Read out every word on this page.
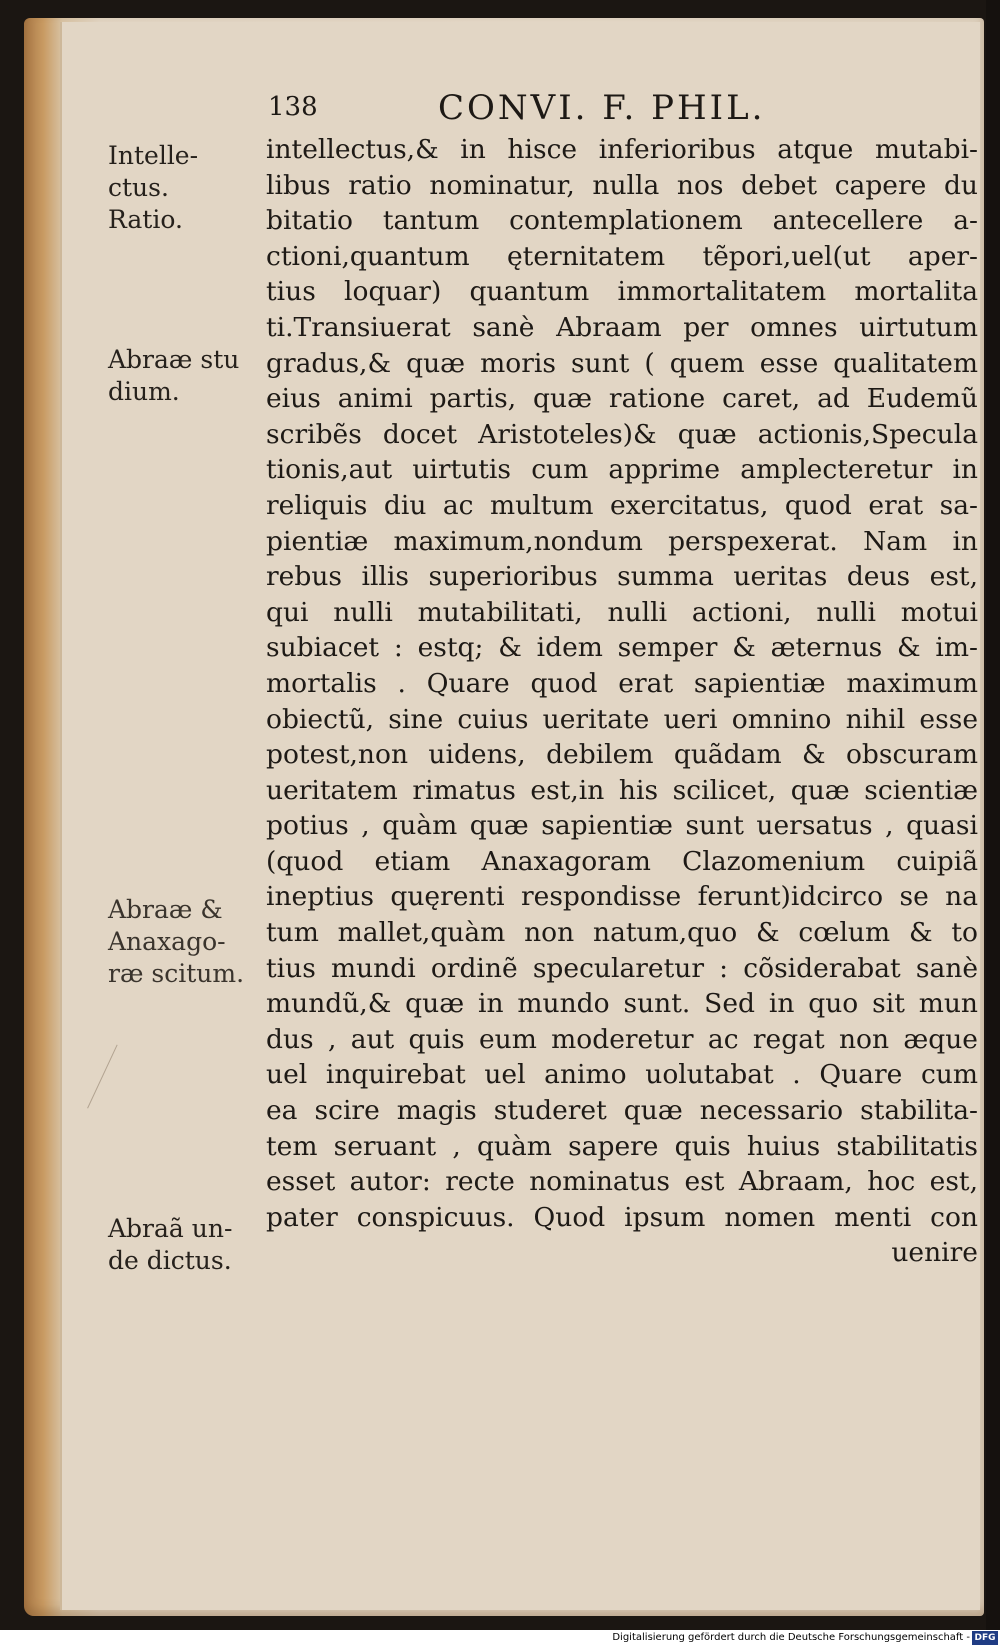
138	CONVI. F. PHIL.
Intelle-
ctus.
Ratio.
Abraæ stu
dium.
Abraæ &
Anaxago-
ræ scitum.
Abraã un-
de dictus.
intellectus,& in hisce inferioribus atque mutabi-
libus ratio nominatur, nulla nos debet capere du
bitatio tantum contemplationem antecellere a-
ctioni,quantum ęternitatem tẽpori,uel(ut aper-
tius loquar) quantum immortalitatem mortalita
ti.Transiuerat sanè Abraam per omnes uirtutum
gradus,& quæ moris sunt ( quem esse qualitatem
eius animi partis, quæ ratione caret, ad Eudemũ
scribẽs docet Aristoteles)& quæ actionis,Specula
tionis,aut uirtutis cum apprime amplecteretur in
reliquis diu ac multum exercitatus, quod erat sa-
pientiæ maximum,nondum perspexerat. Nam in
rebus illis superioribus summa ueritas deus est,
qui nulli mutabilitati, nulli actioni, nulli motui
subiacet : estq; & idem semper & æternus & im-
mortalis . Quare quod erat sapientiæ maximum
obiectũ, sine cuius ueritate ueri omnino nihil esse
potest,non uidens, debilem quãdam & obscuram
ueritatem rimatus est,in his scilicet, quæ scientiæ
potius , quàm quæ sapientiæ sunt uersatus , quasi
(quod etiam Anaxagoram Clazomenium cuipiã
ineptius quęrenti respondisse ferunt)idcirco se na
tum mallet,quàm non natum,quo & cœlum & to
tius mundi ordinẽ specularetur : cõsiderabat sanè
mundũ,& quæ in mundo sunt. Sed in quo sit mun
dus , aut quis eum moderetur ac regat non æque
uel inquirebat uel animo uolutabat . Quare cum
ea scire magis studeret quæ necessario stabilita-
tem seruant , quàm sapere quis huius stabilitatis
esset autor: recte nominatus est Abraam, hoc est,
pater conspicuus. Quod ipsum nomen menti con
uenire
Digitalisierung gefördert durch die Deutsche Forschungsgemeinschaft - DFG
